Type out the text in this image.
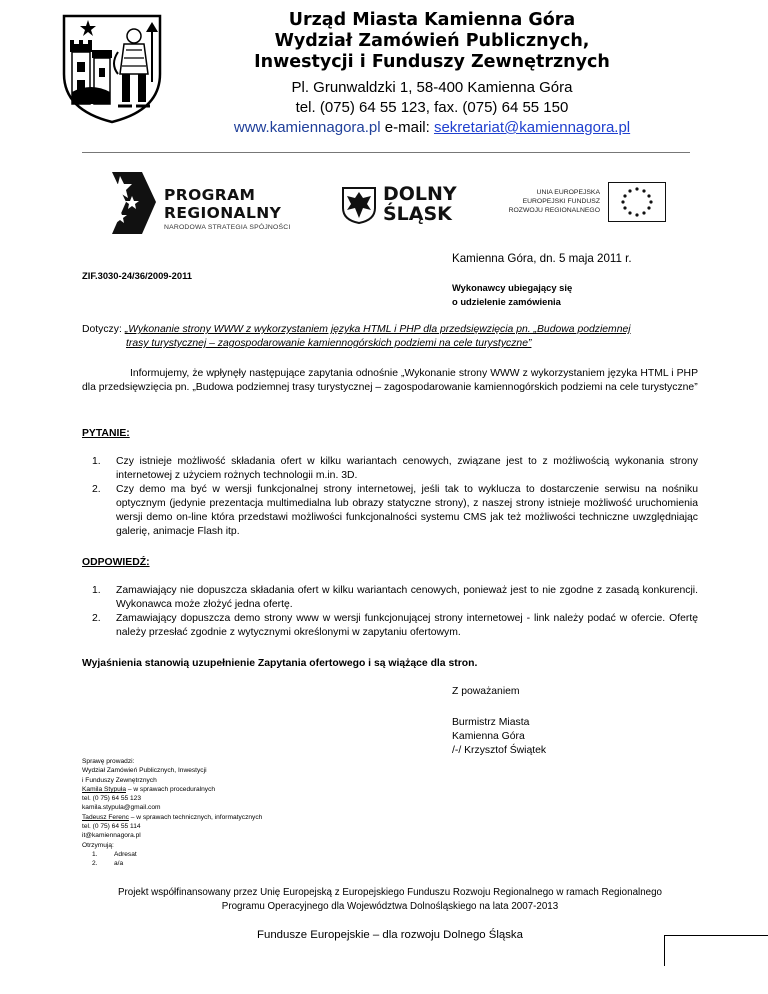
Urząd Miasta Kamienna Góra
Wydział Zamówień Publicznych,
Inwestycji i Funduszy Zewnętrznych
Pl. Grunwaldzki 1, 58-400 Kamienna Góra
tel. (075) 64 55 123, fax. (075) 64 55 150
www.kamiennagora.pl e-mail: sekretariat@kamiennagora.pl
PROGRAM
REGIONALNY
NARODOWA STRATEGIA SPÓJNOŚCI
DOLNY
ŚLĄSK
UNIA EUROPEJSKA
EUROPEJSKI FUNDUSZ
ROZWOJU REGIONALNEGO
Kamienna Góra, dn. 5 maja 2011 r.
ZIF.3030-24/36/2009-2011
Wykonawcy ubiegający się
o udzielenie zamówienia
Dotyczy: „Wykonanie strony WWW z wykorzystaniem języka HTML i PHP dla przedsięwzięcia pn. „Budowa podziemnej
trasy turystycznej – zagospodarowanie kamiennogórskich podziemi na cele turystyczne”
Informujemy, że wpłynęły następujące zapytania odnośnie „Wykonanie strony WWW z wykorzystaniem języka HTML i PHP dla przedsięwzięcia pn. „Budowa podziemnej trasy turystycznej – zagospodarowanie kamiennogórskich podziemi na cele turystyczne”
PYTANIE:
1. Czy istnieje możliwość składania ofert w kilku wariantach cenowych, związane jest to z możliwością wykonania strony internetowej z użyciem rożnych technologii m.in. 3D.
2. Czy demo ma być w wersji funkcjonalnej strony internetowej, jeśli tak to wyklucza to dostarczenie serwisu na nośniku optycznym (jedynie prezentacja multimedialna lub obrazy statyczne strony), z naszej strony istnieje możliwość uruchomienia wersji demo on-line która przedstawi możliwości funkcjonalności systemu CMS jak też możliwości techniczne uwzględniając galerię, animacje Flash itp.
ODPOWIEDŹ:
1. Zamawiający nie dopuszcza składania ofert w kilku wariantach cenowych, ponieważ jest to nie zgodne z zasadą konkurencji. Wykonawca może złożyć jedna ofertę.
2. Zamawiający dopuszcza demo strony www w wersji funkcjonującej strony internetowej - link należy podać w ofercie. Ofertę należy przesłać zgodnie z wytycznymi określonymi w zapytaniu ofertowym.
Wyjaśnienia stanowią uzupełnienie Zapytania ofertowego i są wiążące dla stron.
Z poważaniem
Burmistrz Miasta
Kamienna Góra
/-/ Krzysztof Świątek
Sprawę prowadzi:
Wydział Zamówień Publicznych, Inwestycji
i Funduszy Zewnętrznych
Kamila Stypuła – w sprawach proceduralnych
tel. (0 75) 64 55 123
kamila.stypula@gmail.com
Tadeusz Ferenc – w sprawach technicznych, informatycznych
tel. (0 75) 64 55 114
it@kamiennagora.pl
Otrzymują:
1.	Adresat
2.	a/a
Projekt współfinansowany przez Unię Europejską z Europejskiego Funduszu Rozwoju Regionalnego w ramach Regionalnego
Programu Operacyjnego dla Województwa Dolnośląskiego na lata 2007-2013
Fundusze Europejskie – dla rozwoju Dolnego Śląska
